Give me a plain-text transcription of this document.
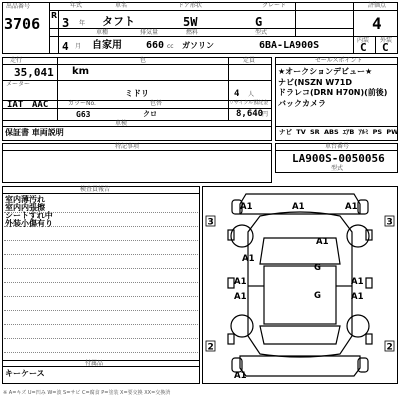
出品番号
3706
年式
R
3 年
車名
タフト
ドア形状
5W
グレード
G
評価点
4
4 月
車種
自家用
排気量
660 cc
燃料
ガソリン
型式
6BA-LA900S	内装
C
外装
C
走行
メーター
35,041 km
色
ミドリ
IAT AAC
定員
4 人
カラーNo.
G63
色替
クロ
リサイクル預託金
8,640
円
車検
保証書 車両説明
セールスポイント
★オークションデビュー★
ナビ(NSZN W71D
ドラレコ(DRN H70N)(前後)
バックカメラ
ナビ TV SR ABS ｴｱB ｱﾙﾐ PS PW
特記事項	車台番号
LA900S-0050056
型式
検査員報告
室内薄汚れ
室内内張擦
シートすれ中
外装小傷有り
付属品
キーケース
3	3
2	2
A1	A1	A1
A1
A1
G
G
A1	A1
A1	A1
A1
※ A=キズ U=凹み W=波 S=サビ C=腐食 P=塗装 X=要交換 XX=交換済
